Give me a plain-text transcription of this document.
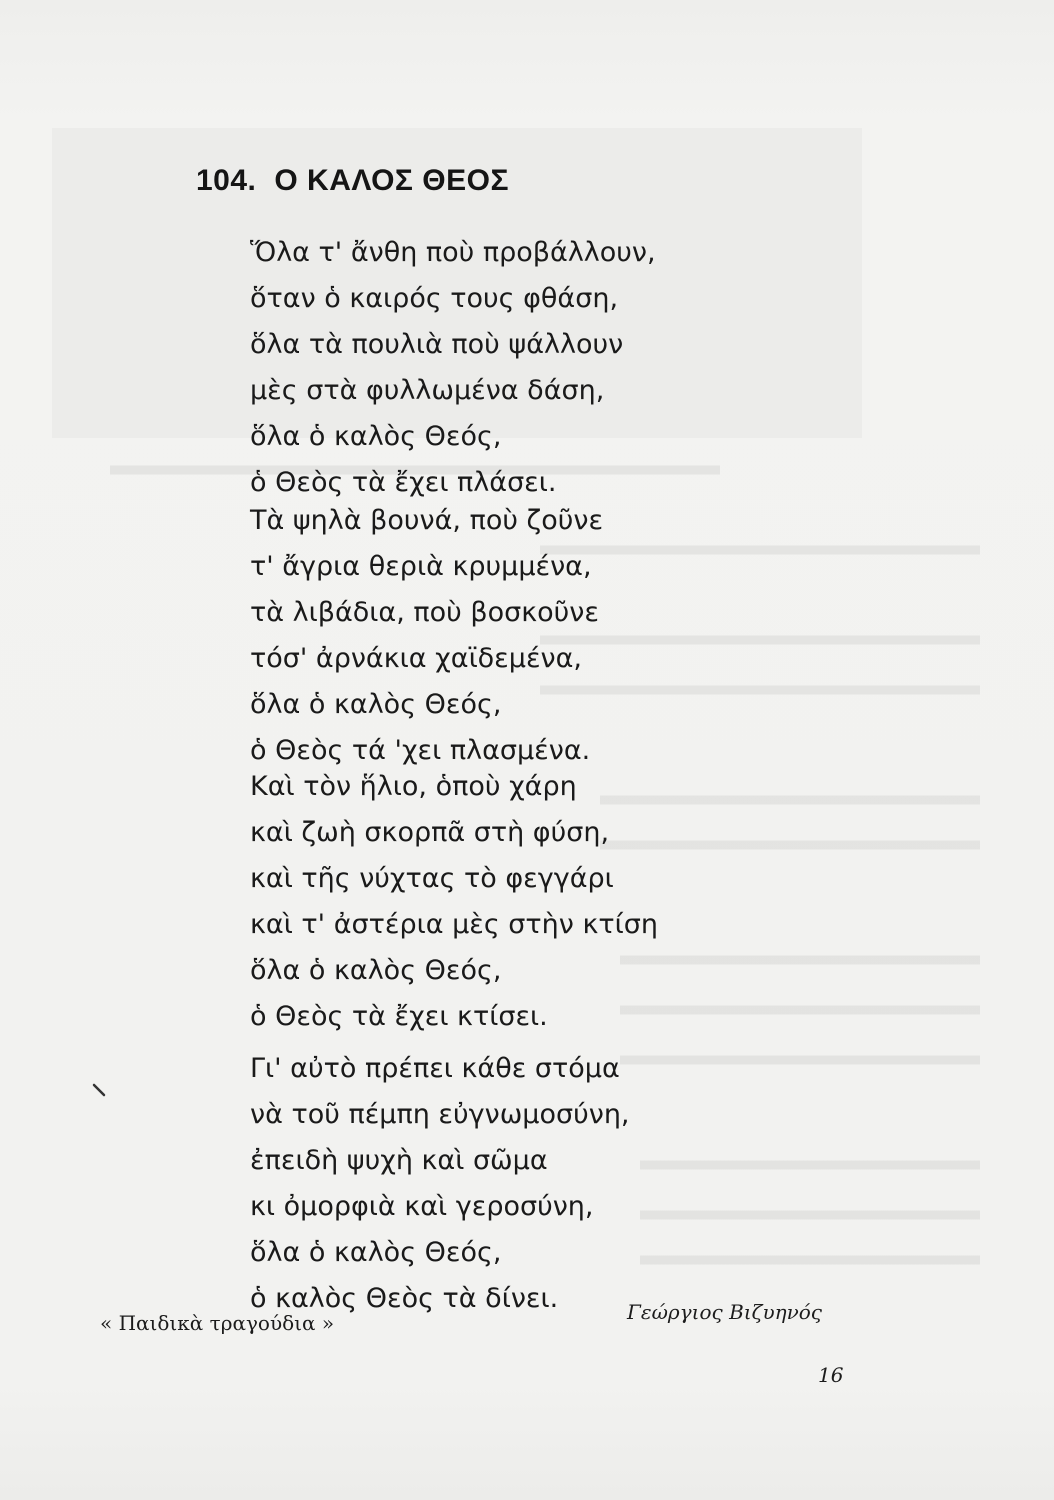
104. Ο ΚΑΛΟΣ ΘΕΟΣ
Ὅλα τ' ἄνθη ποὺ προβάλλουν,
ὅταν ὁ καιρός τους φθάση,
ὅλα τὰ πουλιὰ ποὺ ψάλλουν
μὲς στὰ φυλλωμένα δάση,
ὅλα ὁ καλὸς Θεός,
ὁ Θεὸς τὰ ἔχει πλάσει.
Τὰ ψηλὰ βουνά, ποὺ ζοῦνε
τ' ἄγρια θεριὰ κρυμμένα,
τὰ λιβάδια, ποὺ βοσκοῦνε
τόσ' ἀρνάκια χαϊδεμένα,
ὅλα ὁ καλὸς Θεός,
ὁ Θεὸς τά 'χει πλασμένα.
Καὶ τὸν ἥλιο, ὁποὺ χάρη
καὶ ζωὴ σκορπᾶ στὴ φύση,
καὶ τῆς νύχτας τὸ φεγγάρι
καὶ τ' ἀστέρια μὲς στὴν κτίση
ὅλα ὁ καλὸς Θεός,
ὁ Θεὸς τὰ ἔχει κτίσει.
Γι' αὐτὸ πρέπει κάθε στόμα
νὰ τοῦ πέμπη εὐγνωμοσύνη,
ἐπειδὴ ψυχὴ καὶ σῶμα
κι ὀμορφιὰ καὶ γεροσύνη,
ὅλα ὁ καλὸς Θεός,
ὁ καλὸς Θεὸς τὰ δίνει.
« Παιδικὰ τραγούδια »	Γεώργιος Βιζυηνός
16
